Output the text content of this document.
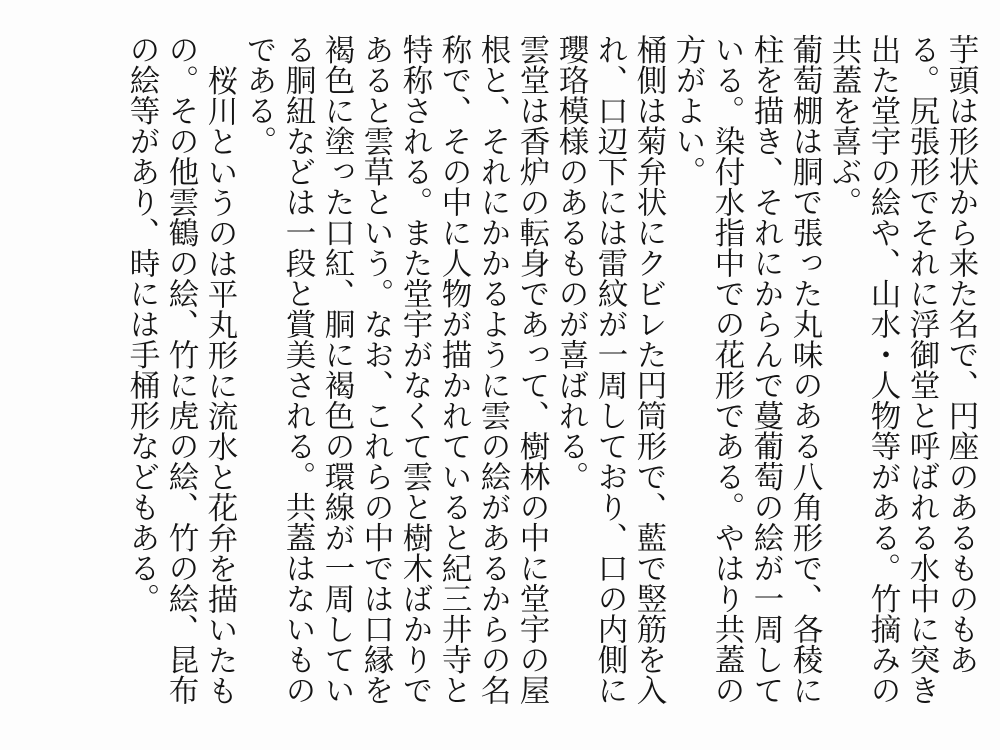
芋頭は形状から来た名で、円座のあるものもある。尻張形でそれに浮御堂と呼ばれる水中に突き出た堂宇の絵や、山水・人物等がある。竹摘みの共蓋を喜ぶ。

葡萄棚は胴で張った丸味のある八角形で、各稜に柱を描き、それにからんで蔓葡萄の絵が一周している。染付水指中での花形である。やはり共蓋の方がよい。

桶側は菊弁状にクビレた円筒形で、藍で竪筋を入れ、口辺下には雷紋が一周しており、口の内側に瓔珞模様のあるものが喜ばれる。

雲堂は香炉の転身であって、樹林の中に堂宇の屋根と、それにかかるように雲の絵があるからの名称で、その中に人物が描かれていると紀三井寺と特称される。また堂宇がなくて雲と樹木ばかりであると雲草という。なお、これらの中では口縁を褐色に塗った口紅、胴に褐色の環線が一周している胴紐などは一段と賞美される。共蓋はないものである。

桜川というのは平丸形に流水と花弁を描いたもの。その他雲鶴の絵、竹に虎の絵、竹の絵、昆布の絵等があり、時には手桶形などもある。
